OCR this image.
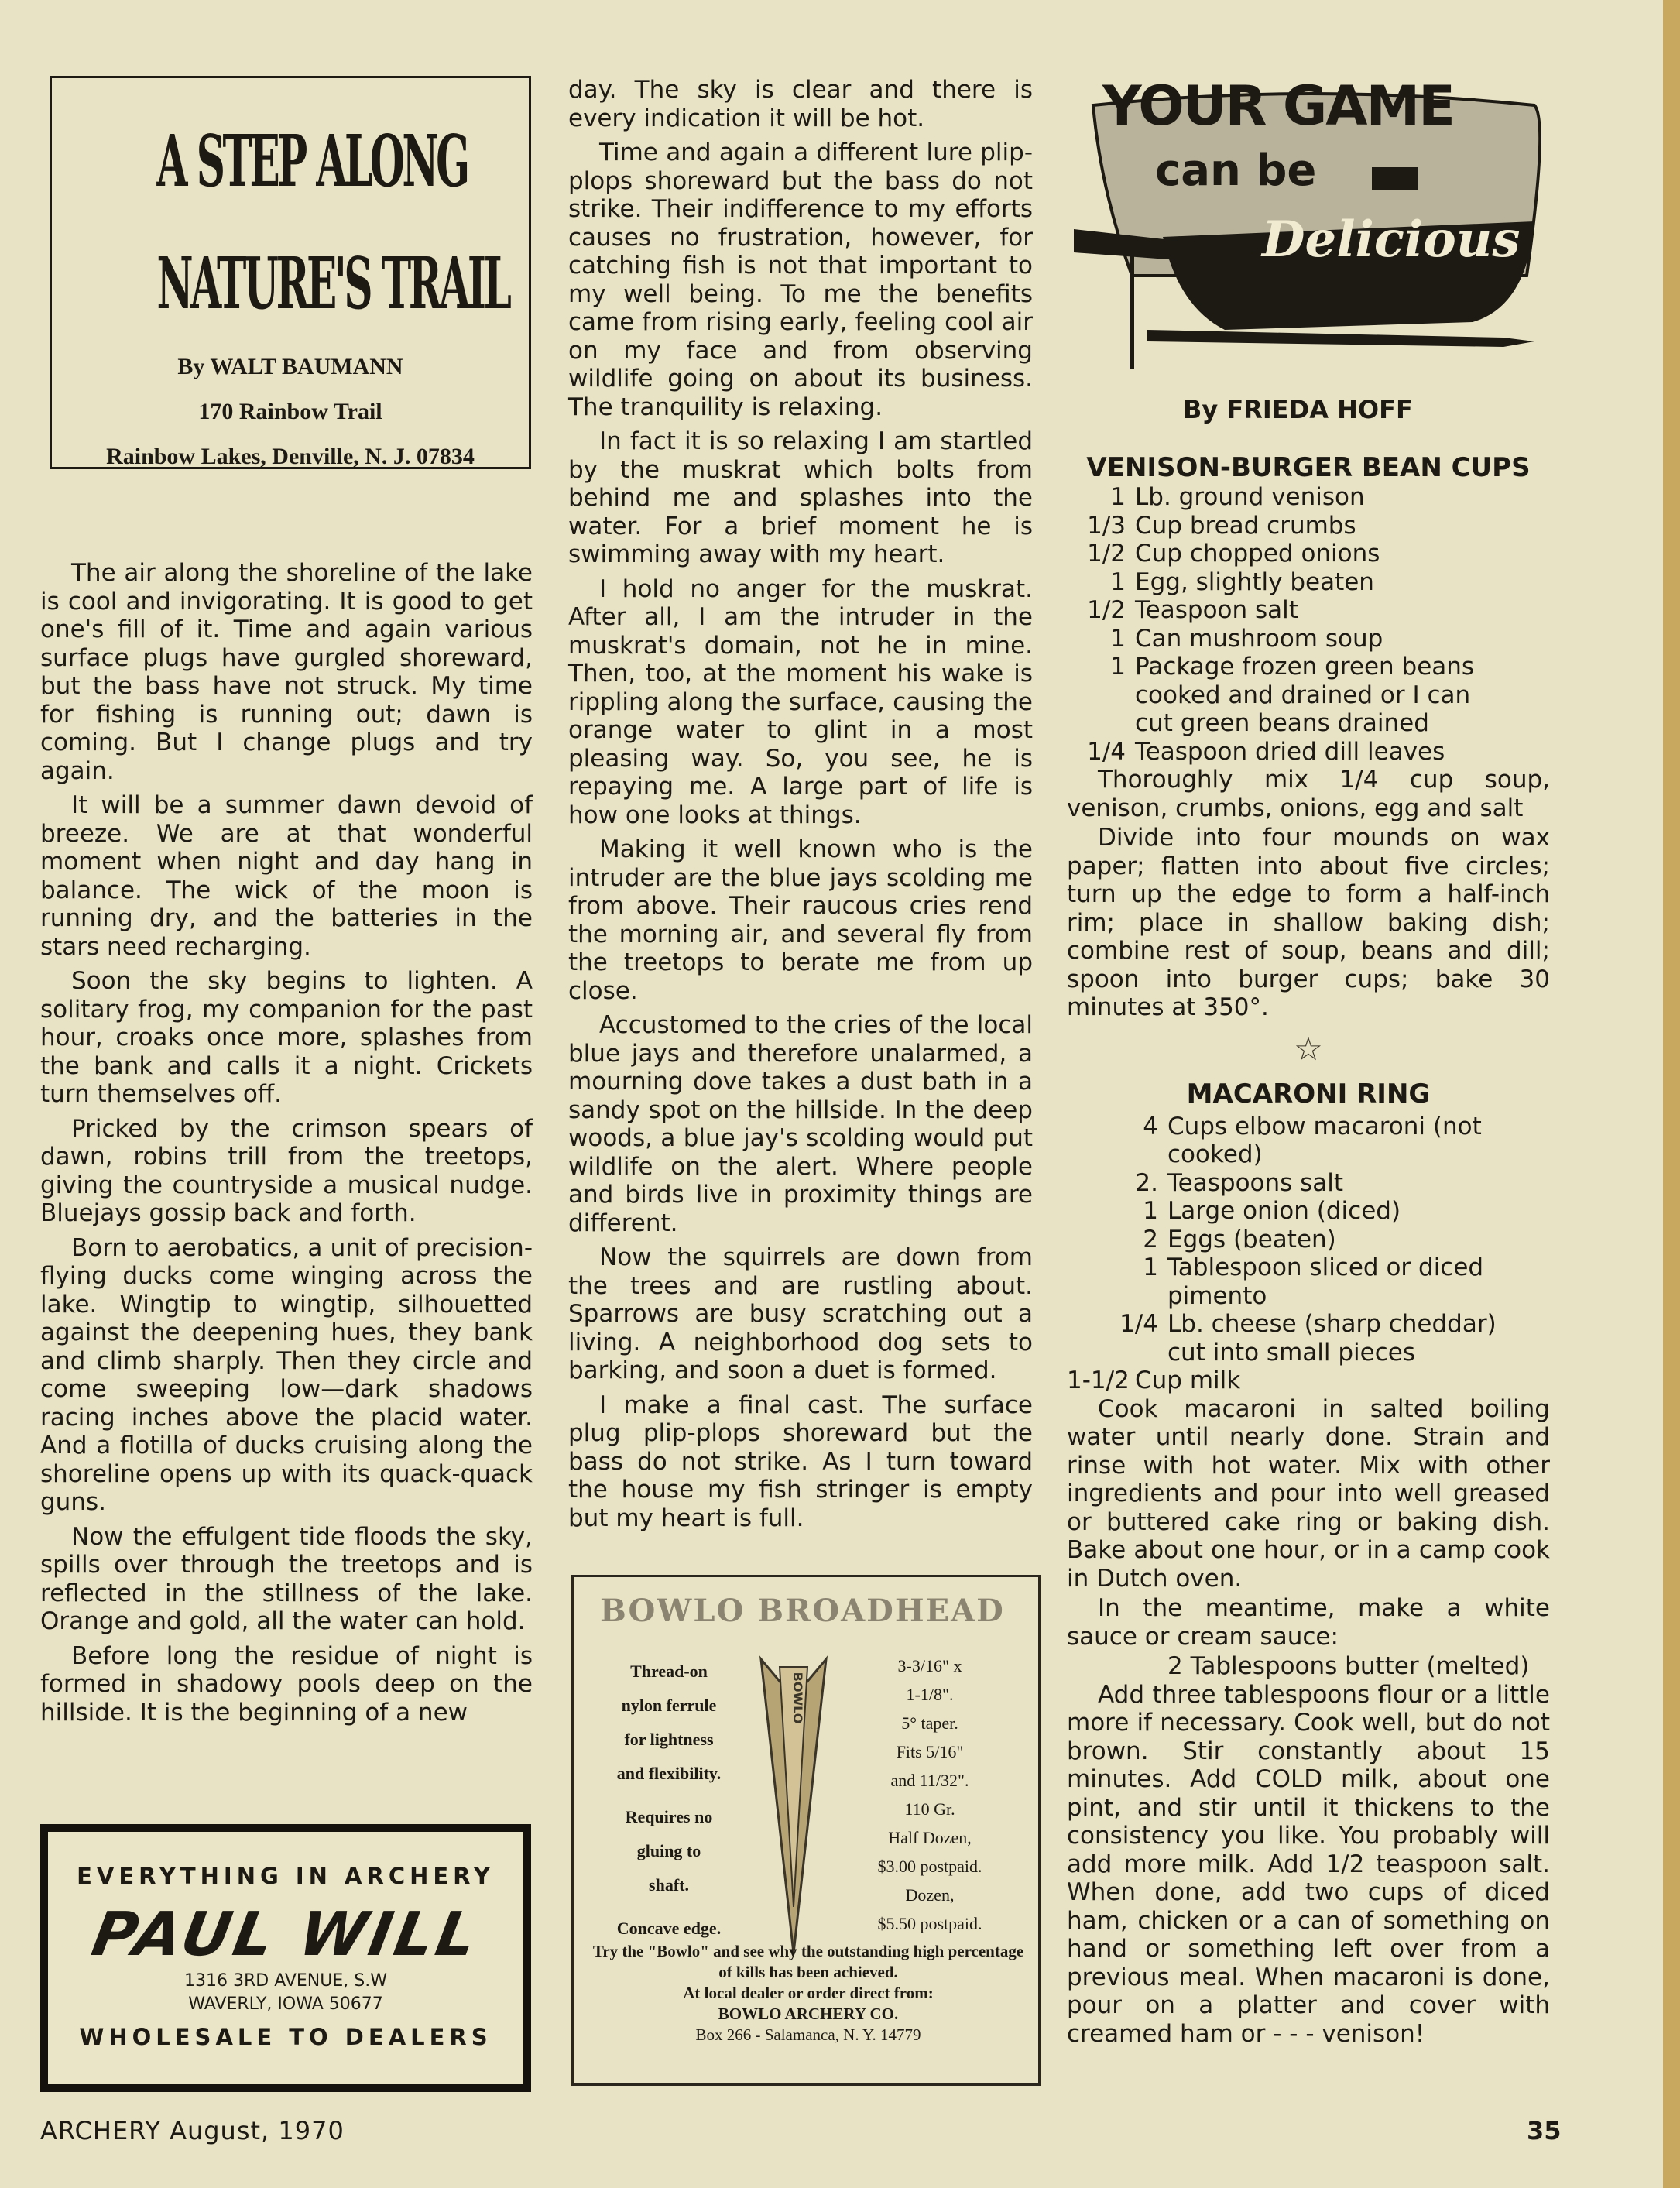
A STEP ALONG
NATURE'S TRAIL
By WALT BAUMANN
170 Rainbow Trail
Rainbow Lakes, Denville, N. J. 07834

The air along the shoreline of the lake is cool and invigorating. It is good to get one's fill of it. Time and again various surface plugs have gurgled shoreward, but the bass have not struck. My time for fishing is running out; dawn is coming. But I change plugs and try again.

It will be a summer dawn devoid of breeze. We are at that wonderful moment when night and day hang in balance. The wick of the moon is running dry, and the batteries in the stars need recharging.

Soon the sky begins to lighten. A solitary frog, my companion for the past hour, croaks once more, splashes from the bank and calls it a night. Crickets turn themselves off.

Pricked by the crimson spears of dawn, robins trill from the treetops, giving the countryside a musical nudge. Bluejays gossip back and forth.

Born to aerobatics, a unit of precision-flying ducks come winging across the lake. Wingtip to wingtip, silhouetted against the deepening hues, they bank and climb sharply. Then they circle and come sweeping low—dark shadows racing inches above the placid water. And a flotilla of ducks cruising along the shoreline opens up with its quack-quack guns.

Now the effulgent tide floods the sky, spills over through the treetops and is reflected in the stillness of the lake. Orange and gold, all the water can hold.

Before long the residue of night is formed in shadowy pools deep on the hillside. It is the beginning of a new

EVERYTHING IN ARCHERY
PAUL WILL
1316 3RD AVENUE, S.W
WAVERLY, IOWA 50677
WHOLESALE TO DEALERS

day. The sky is clear and there is every indication it will be hot.

Time and again a different lure plip-plops shoreward but the bass do not strike. Their indifference to my efforts causes no frustration, however, for catching fish is not that important to my well being. To me the benefits came from rising early, feeling cool air on my face and from observing wildlife going on about its business. The tranquility is relaxing.

In fact it is so relaxing I am startled by the muskrat which bolts from behind me and splashes into the water. For a brief moment he is swimming away with my heart.

I hold no anger for the muskrat. After all, I am the intruder in the muskrat's domain, not he in mine. Then, too, at the moment his wake is rippling along the surface, causing the orange water to glint in a most pleasing way. So, you see, he is repaying me. A large part of life is how one looks at things.

Making it well known who is the intruder are the blue jays scolding me from above. Their raucous cries rend the morning air, and several fly from the treetops to berate me from up close.

Accustomed to the cries of the local blue jays and therefore unalarmed, a mourning dove takes a dust bath in a sandy spot on the hillside. In the deep woods, a blue jay's scolding would put wildlife on the alert. Where people and birds live in proximity things are different.

Now the squirrels are down from the trees and are rustling about. Sparrows are busy scratching out a living. A neighborhood dog sets to barking, and soon a duet is formed.

I make a final cast. The surface plug plip-plops shoreward but the bass do not strike. As I turn toward the house my fish stringer is empty but my heart is full.

BOWLO BROADHEAD
Thread-on
nylon ferrule
for lightness
and flexibility.
Requires no
gluing to
shaft.
Concave edge.
BOWLO
3-3/16" x
1-1/8".
5° taper.
Fits 5/16"
and 11/32".
110 Gr.
Half Dozen,
$3.00 postpaid.
Dozen,
$5.50 postpaid.
Try the "Bowlo" and see why the outstanding high percentage of kills has been achieved.
At local dealer or order direct from:
BOWLO ARCHERY CO.
Box 266 - Salamanca, N. Y. 14779
YOUR GAME
can be
Delicious
By FRIEDA HOFF

VENISON-BURGER BEAN CUPS

1 Lb. ground venison

1/3 Cup bread crumbs

1/2 Cup chopped onions

1 Egg, slightly beaten

1/2 Teaspoon salt

1 Can mushroom soup

1 Package frozen green beans cooked and drained or I can cut green beans drained

1/4 Teaspoon dried dill leaves

Thoroughly mix 1/4 cup soup, venison, crumbs, onions, egg and salt

Divide into four mounds on wax paper; flatten into about five circles; turn up the edge to form a half-inch rim; place in shallow baking dish; combine rest of soup, beans and dill; spoon into burger cups; bake 30 minutes at 350°.

☆

MACARONI RING

4 Cups elbow macaroni (not cooked)

2. Teaspoons salt

1 Large onion (diced)

2 Eggs (beaten)

1 Tablespoon sliced or diced pimento

1/4 Lb. cheese (sharp cheddar) cut into small pieces

1-1/2 Cup milk

Cook macaroni in salted boiling water until nearly done. Strain and rinse with hot water. Mix with other ingredients and pour into well greased or buttered cake ring or baking dish. Bake about one hour, or in a camp cook in Dutch oven.

In the meantime, make a white sauce or cream sauce:

2 Tablespoons butter (melted)

Add three tablespoons flour or a little more if necessary. Cook well, but do not brown. Stir constantly about 15 minutes. Add COLD milk, about one pint, and stir until it thickens to the consistency you like. You probably will add more milk. Add 1/2 teaspoon salt. When done, add two cups of diced ham, chicken or a can of something on hand or something left over from a previous meal. When macaroni is done, pour on a platter and cover with creamed ham or - - - venison!

ARCHERY August, 1970	35
